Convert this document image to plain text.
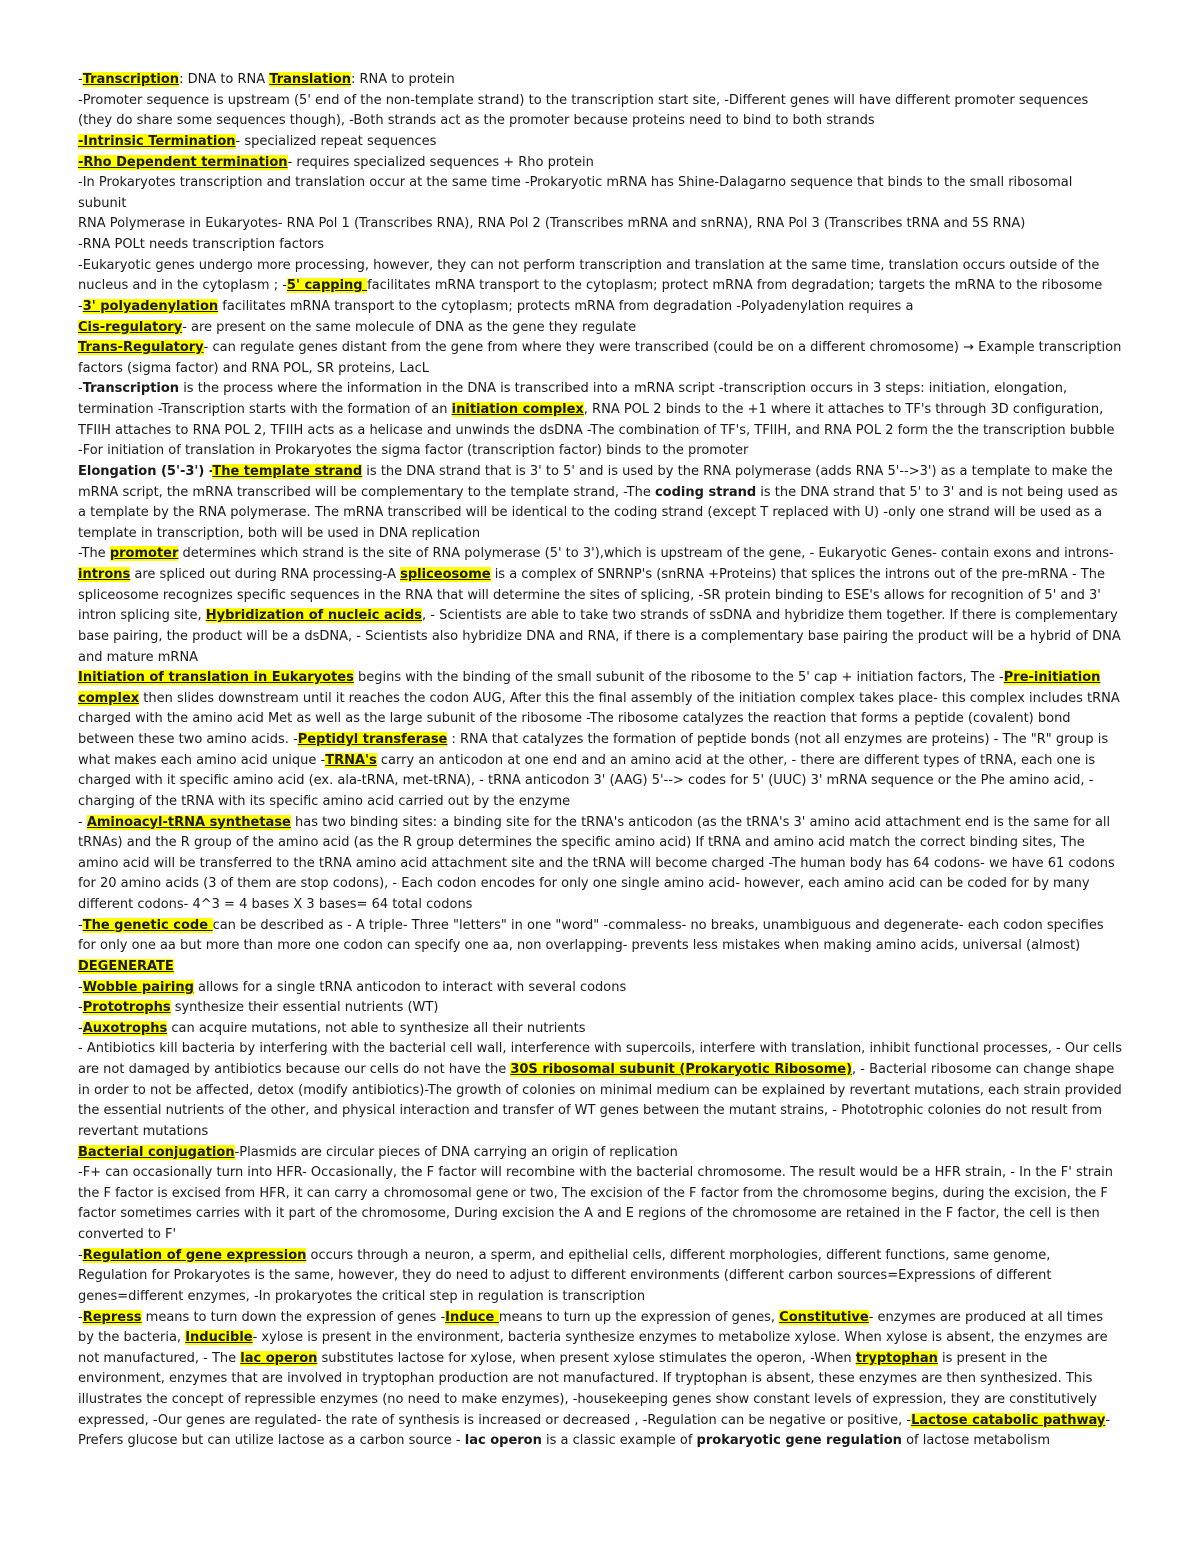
-Transcription: DNA to RNA Translation: RNA to protein

-Promoter sequence is upstream (5' end of the non-template strand) to the transcription start site, -Different genes will have different promoter sequences (they do share some sequences though), -Both strands act as the promoter because proteins need to bind to both strands

-Intrinsic Termination- specialized repeat sequences

-Rho Dependent termination- requires specialized sequences + Rho protein

-In Prokaryotes transcription and translation occur at the same time -Prokaryotic mRNA has Shine-Dalagarno sequence that binds to the small ribosomal subunit

RNA Polymerase in Eukaryotes- RNA Pol 1 (Transcribes RNA), RNA Pol 2 (Transcribes mRNA and snRNA), RNA Pol 3 (Transcribes tRNA and 5S RNA)

-RNA POLt needs transcription factors

-Eukaryotic genes undergo more processing, however, they can not perform transcription and translation at the same time, translation occurs outside of the nucleus and in the cytoplasm ; -5' capping facilitates mRNA transport to the cytoplasm; protect mRNA from degradation; targets the mRNA to the ribosome -3' polyadenylation facilitates mRNA transport to the cytoplasm; protects mRNA from degradation -Polyadenylation requires a

Cis-regulatory- are present on the same molecule of DNA as the gene they regulate

Trans-Regulatory- can regulate genes distant from the gene from where they were transcribed (could be on a different chromosome) → Example transcription factors (sigma factor) and RNA POL, SR proteins, LacL

-Transcription is the process where the information in the DNA is transcribed into a mRNA script -transcription occurs in 3 steps: initiation, elongation, termination -Transcription starts with the formation of an initiation complex, RNA POL 2 binds to the +1 where it attaches to TF's through 3D configuration, TFIIH attaches to RNA POL 2, TFIIH acts as a helicase and unwinds the dsDNA -The combination of TF's, TFIIH, and RNA POL 2 form the the transcription bubble

-For initiation of translation in Prokaryotes the sigma factor (transcription factor) binds to the promoter

Elongation (5'-3') -The template strand is the DNA strand that is 3' to 5' and is used by the RNA polymerase (adds RNA 5'-->3') as a template to make the mRNA script, the mRNA transcribed will be complementary to the template strand, -The coding strand is the DNA strand that 5' to 3' and is not being used as a template by the RNA polymerase. The mRNA transcribed will be identical to the coding strand (except T replaced with U) -only one strand will be used as a template in transcription, both will be used in DNA replication

-The promoter determines which strand is the site of RNA polymerase (5' to 3'),which is upstream of the gene, - Eukaryotic Genes- contain exons and introns- introns are spliced out during RNA processing-A spliceosome is a complex of SNRNP's (snRNA +Proteins) that splices the introns out of the pre-mRNA - The spliceosome recognizes specific sequences in the RNA that will determine the sites of splicing, -SR protein binding to ESE's allows for recognition of 5' and 3' intron splicing site, Hybridization of nucleic acids, - Scientists are able to take two strands of ssDNA and hybridize them together. If there is complementary base pairing, the product will be a dsDNA, - Scientists also hybridize DNA and RNA, if there is a complementary base pairing the product will be a hybrid of DNA and mature mRNA

Initiation of translation in Eukaryotes begins with the binding of the small subunit of the ribosome to the 5' cap + initiation factors, The -Pre-initiation complex then slides downstream until it reaches the codon AUG, After this the final assembly of the initiation complex takes place- this complex includes tRNA charged with the amino acid Met as well as the large subunit of the ribosome -The ribosome catalyzes the reaction that forms a peptide (covalent) bond between these two amino acids. -Peptidyl transferase : RNA that catalyzes the formation of peptide bonds (not all enzymes are proteins) - The "R" group is what makes each amino acid unique -TRNA's carry an anticodon at one end and an amino acid at the other, - there are different types of tRNA, each one is charged with it specific amino acid (ex. ala-tRNA, met-tRNA), - tRNA anticodon 3' (AAG) 5'--> codes for 5' (UUC) 3' mRNA sequence or the Phe amino acid, - charging of the tRNA with its specific amino acid carried out by the enzyme

- Aminoacyl-tRNA synthetase has two binding sites: a binding site for the tRNA's anticodon (as the tRNA's 3' amino acid attachment end is the same for all tRNAs) and the R group of the amino acid (as the R group determines the specific amino acid) If tRNA and amino acid match the correct binding sites, The amino acid will be transferred to the tRNA amino acid attachment site and the tRNA will become charged -The human body has 64 codons- we have 61 codons for 20 amino acids (3 of them are stop codons), - Each codon encodes for only one single amino acid- however, each amino acid can be coded for by many different codons- 4^3 = 4 bases X 3 bases= 64 total codons

-The genetic code can be described as - A triple- Three "letters" in one "word" -commaless- no breaks, unambiguous and degenerate- each codon specifies for only one aa but more than more one codon can specify one aa, non overlapping- prevents less mistakes when making amino acids, universal (almost) DEGENERATE

-Wobble pairing allows for a single tRNA anticodon to interact with several codons

-Prototrophs synthesize their essential nutrients (WT)

-Auxotrophs can acquire mutations, not able to synthesize all their nutrients

- Antibiotics kill bacteria by interfering with the bacterial cell wall, interference with supercoils, interfere with translation, inhibit functional processes, - Our cells are not damaged by antibiotics because our cells do not have the 30S ribosomal subunit (Prokaryotic Ribosome), - Bacterial ribosome can change shape in order to not be affected, detox (modify antibiotics)-The growth of colonies on minimal medium can be explained by revertant mutations, each strain provided the essential nutrients of the other, and physical interaction and transfer of WT genes between the mutant strains, - Phototrophic colonies do not result from revertant mutations

Bacterial conjugation-Plasmids are circular pieces of DNA carrying an origin of replication

-F+ can occasionally turn into HFR- Occasionally, the F factor will recombine with the bacterial chromosome. The result would be a HFR strain, - In the F' strain the F factor is excised from HFR, it can carry a chromosomal gene or two, The excision of the F factor from the chromosome begins, during the excision, the F factor sometimes carries with it part of the chromosome, During excision the A and E regions of the chromosome are retained in the F factor, the cell is then converted to F'

-Regulation of gene expression occurs through a neuron, a sperm, and epithelial cells, different morphologies, different functions, same genome, Regulation for Prokaryotes is the same, however, they do need to adjust to different environments (different carbon sources=Expressions of different genes=different enzymes, -In prokaryotes the critical step in regulation is transcription

-Repress means to turn down the expression of genes -Induce means to turn up the expression of genes, Constitutive- enzymes are produced at all times by the bacteria, Inducible- xylose is present in the environment, bacteria synthesize enzymes to metabolize xylose. When xylose is absent, the enzymes are not manufactured, - The lac operon substitutes lactose for xylose, when present xylose stimulates the operon, -When tryptophan is present in the environment, enzymes that are involved in tryptophan production are not manufactured. If tryptophan is absent, these enzymes are then synthesized. This illustrates the concept of repressible enzymes (no need to make enzymes), -housekeeping genes show constant levels of expression, they are constitutively expressed, -Our genes are regulated- the rate of synthesis is increased or decreased , -Regulation can be negative or positive, -Lactose catabolic pathway- Prefers glucose but can utilize lactose as a carbon source - lac operon is a classic example of prokaryotic gene regulation of lactose metabolism
